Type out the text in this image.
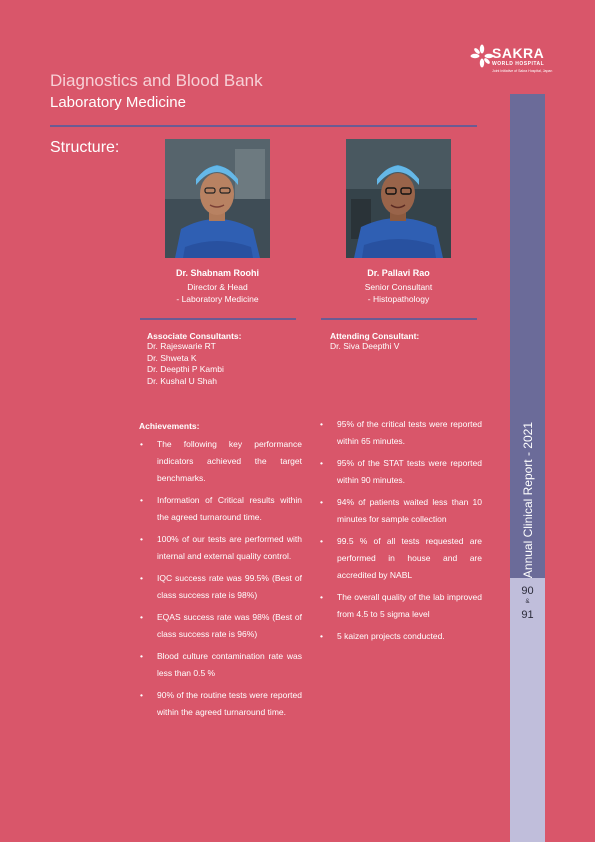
Diagnostics and Blood Bank
Laboratory Medicine
Structure:
SAKRA
WORLD HOSPITAL
Joint Initiative of Sakra Hospital, Japan
Dr. Shabnam Roohi
Director & Head
- Laboratory Medicine
Dr. Pallavi Rao
Senior Consultant
- Histopathology
Associate Consultants:
Dr. Rajeswarie RT
Dr. Shweta K
Dr. Deepthi P Kambi
Dr. Kushal U Shah
Attending Consultant:
Dr. Siva Deepthi V
Achievements:
• The following key performance indicators achieved the target benchmarks.
• Information of Critical results within the agreed turnaround time.
• 100% of our tests are performed with internal and external quality control.
• IQC success rate was 99.5% (Best of class success rate is 98%)
• EQAS success rate was 98% (Best of class success rate is 96%)
• Blood culture contamination rate was less than 0.5 %
• 90% of the routine tests were reported within the agreed turnaround time.
• 95% of the critical tests were reported within 65 minutes.
• 95% of the STAT tests were reported within 90 minutes.
• 94% of patients waited less than 10 minutes for sample collection
• 99.5 % of all tests requested are performed in house and are accredited by NABL
• The overall quality of the lab improved from 4.5 to 5 sigma level
• 5 kaizen projects conducted.
Annual Clinical Report - 2021
90
&
91
